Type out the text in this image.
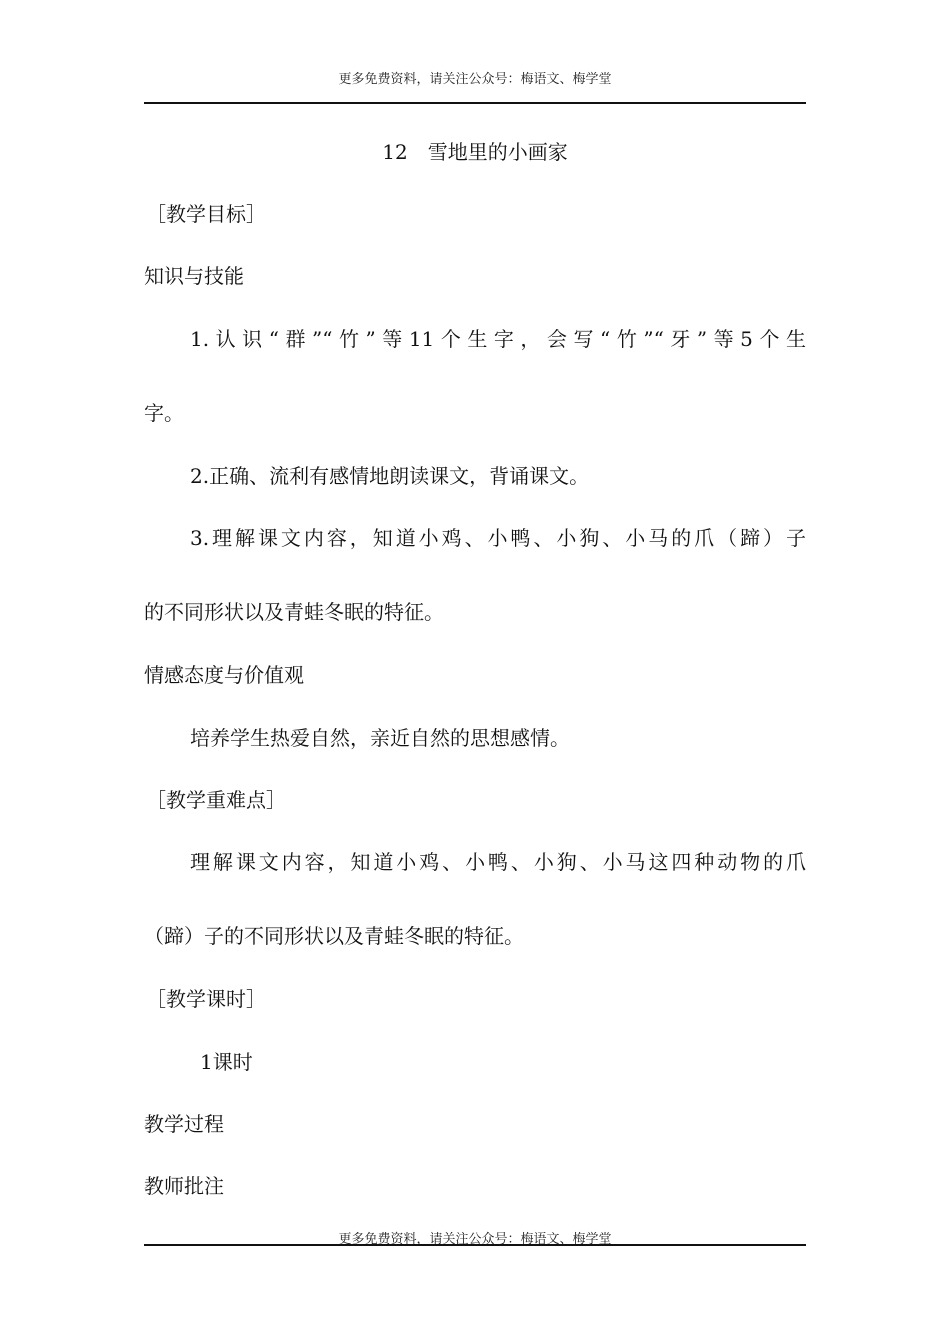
更多免费资料，请关注公众号：梅语文、梅学堂
12　雪地里的小画家
［教学目标］
知识与技能
1.认识“群”“竹”等11个生字，会写“竹”“牙”等5个生
字。
2.正确、流利有感情地朗读课文，背诵课文。
3.理解课文内容，知道小鸡、小鸭、小狗、小马的爪（蹄）子
的不同形状以及青蛙冬眠的特征。
情感态度与价值观
培养学生热爱自然，亲近自然的思想感情。
［教学重难点］
理解课文内容，知道小鸡、小鸭、小狗、小马这四种动物的爪
（蹄）子的不同形状以及青蛙冬眠的特征。
［教学课时］
1课时
教学过程
教师批注
更多免费资料，请关注公众号：梅语文、梅学堂
